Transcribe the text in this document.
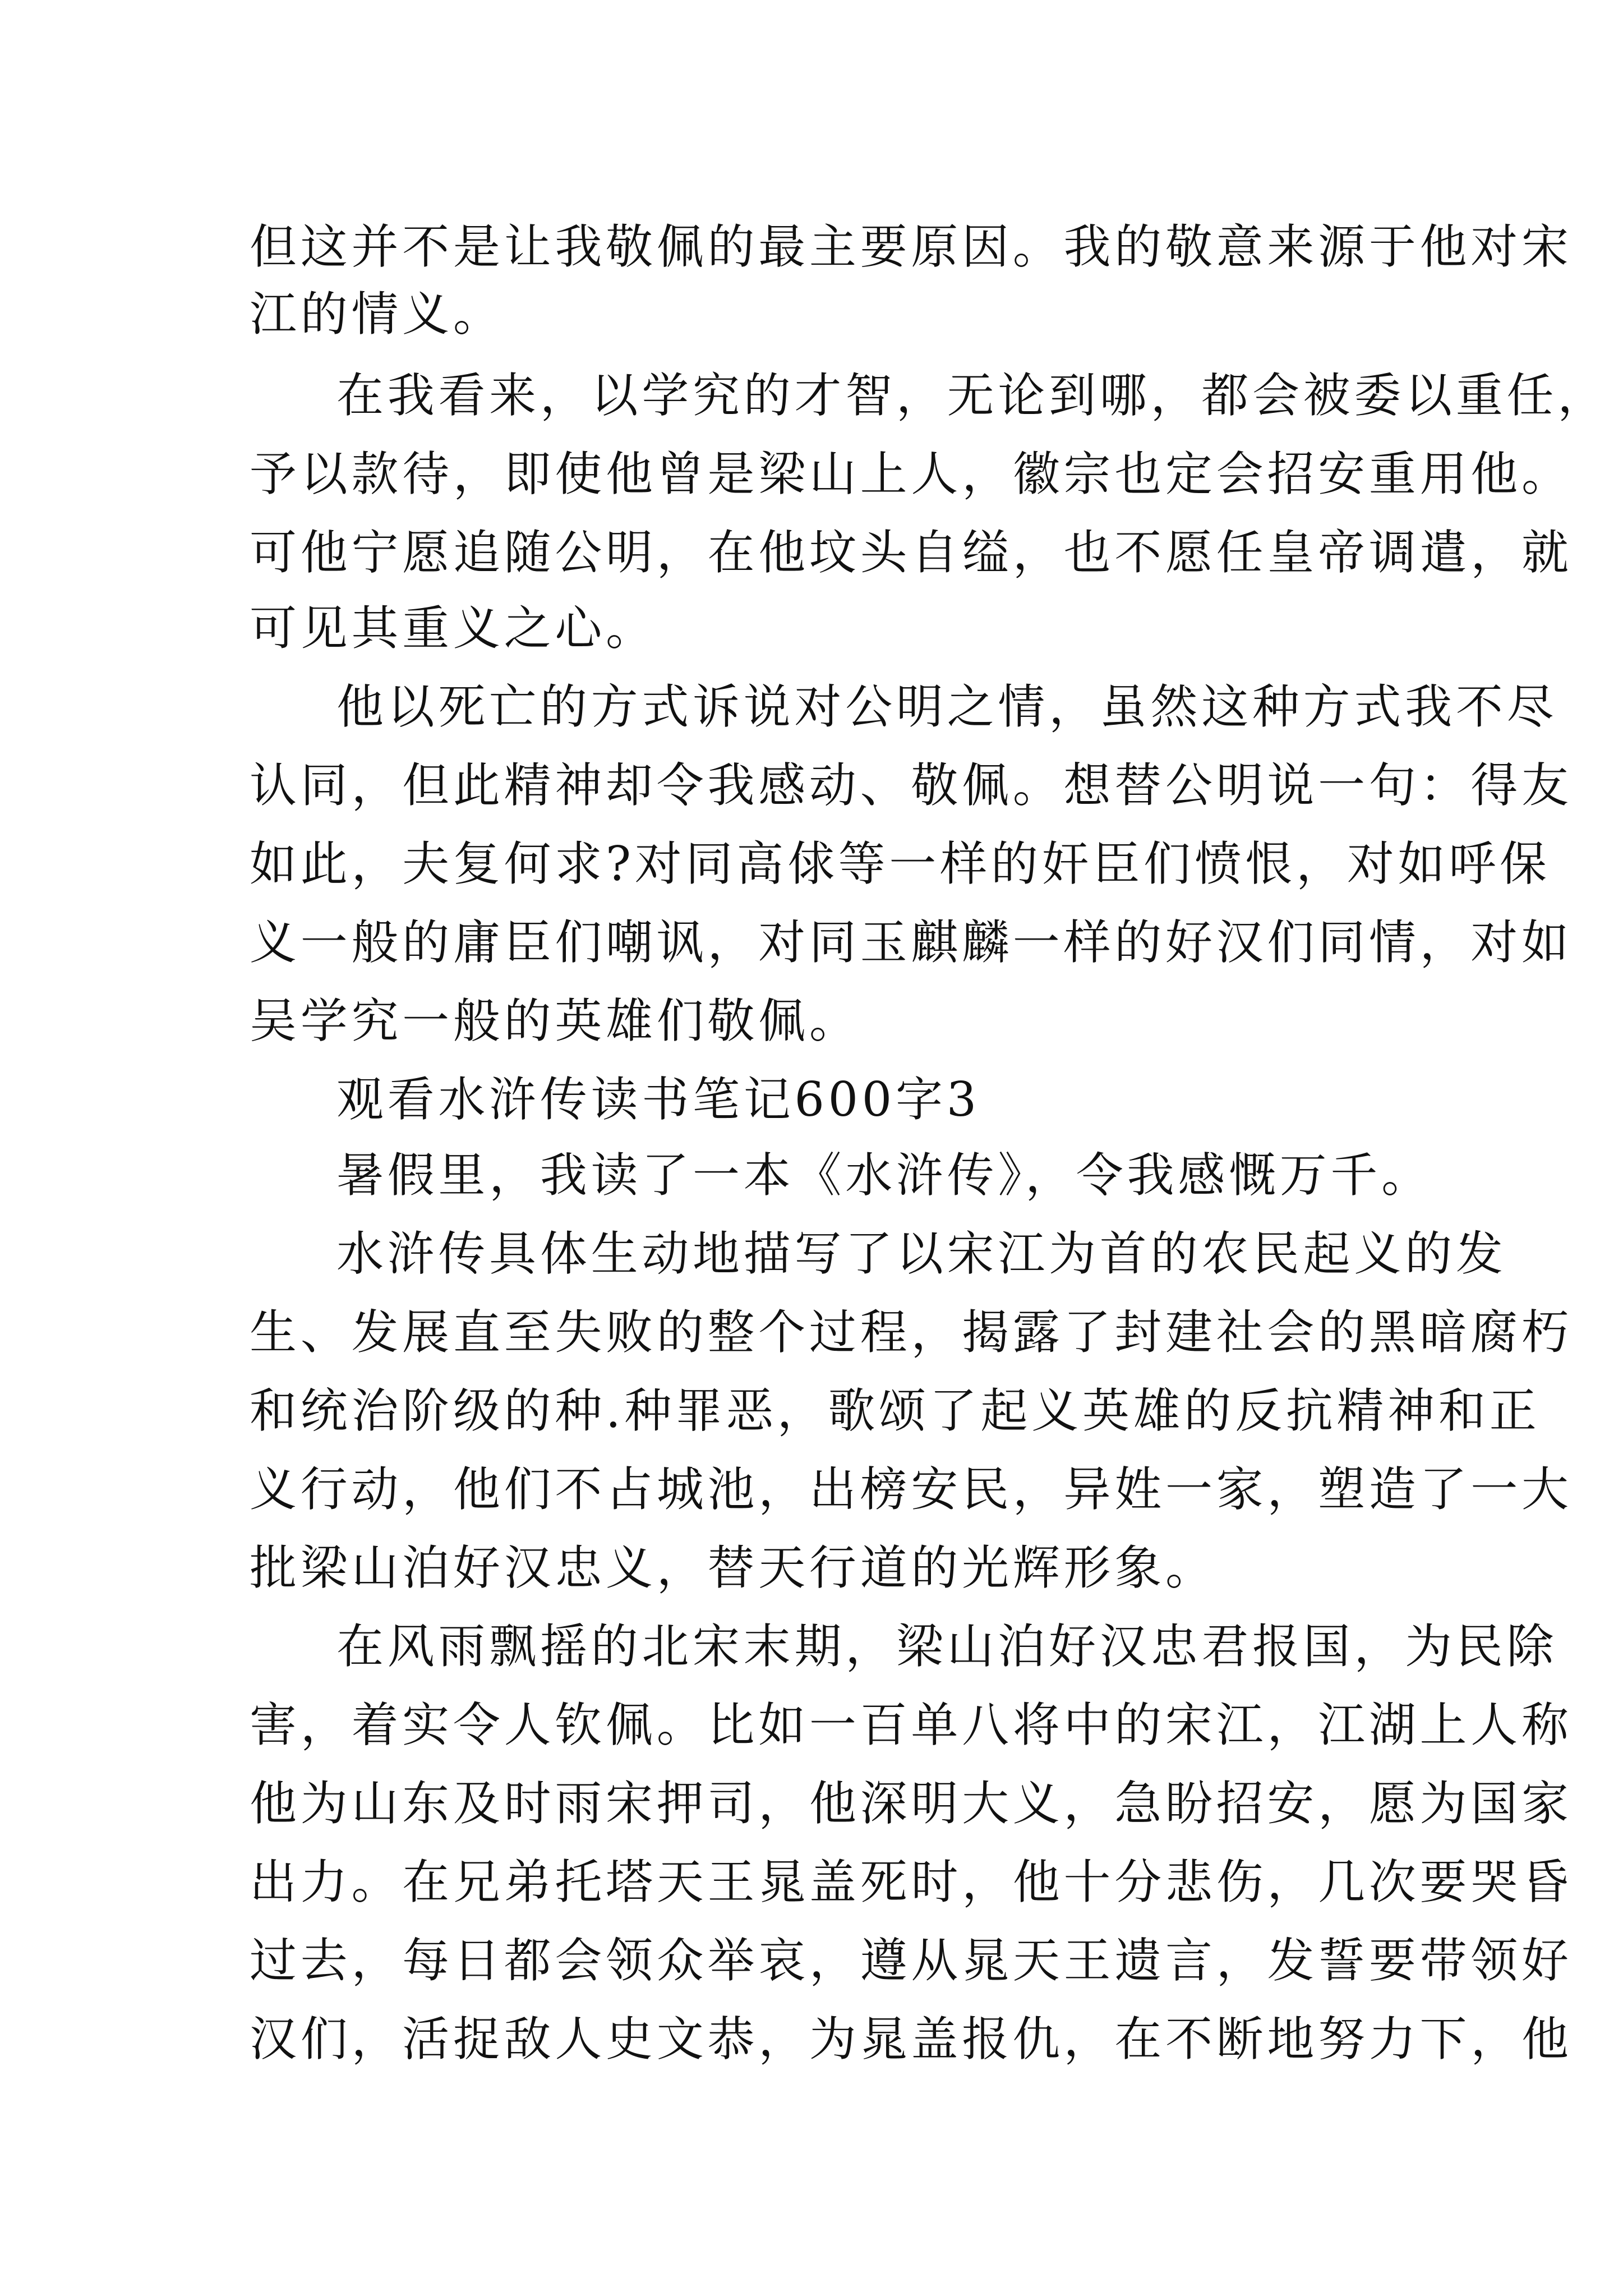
但这并不是让我敬佩的最主要原因。我的敬意来源于他对宋
江的情义。
在我看来，以学究的才智，无论到哪，都会被委以重任，
予以款待，即使他曾是梁山上人，徽宗也定会招安重用他。
可他宁愿追随公明，在他坟头自缢，也不愿任皇帝调遣，就
可见其重义之心。
他以死亡的方式诉说对公明之情，虽然这种方式我不尽
认同，但此精神却令我感动、敬佩。想替公明说一句：得友
如此，夫复何求?对同高俅等一样的奸臣们愤恨，对如呼保
义一般的庸臣们嘲讽，对同玉麒麟一样的好汉们同情，对如
吴学究一般的英雄们敬佩。
观看水浒传读书笔记600字3
暑假里，我读了一本《水浒传》，令我感慨万千。
水浒传具体生动地描写了以宋江为首的农民起义的发
生、发展直至失败的整个过程，揭露了封建社会的黑暗腐朽
和统治阶级的种.种罪恶，歌颂了起义英雄的反抗精神和正
义行动，他们不占城池，出榜安民，异姓一家，塑造了一大
批梁山泊好汉忠义，替天行道的光辉形象。
在风雨飘摇的北宋末期，梁山泊好汉忠君报国，为民除
害，着实令人钦佩。比如一百单八将中的宋江，江湖上人称
他为山东及时雨宋押司，他深明大义，急盼招安，愿为国家
出力。在兄弟托塔天王晁盖死时，他十分悲伤，几次要哭昏
过去，每日都会领众举哀，遵从晁天王遗言，发誓要带领好
汉们，活捉敌人史文恭，为晁盖报仇，在不断地努力下，他
